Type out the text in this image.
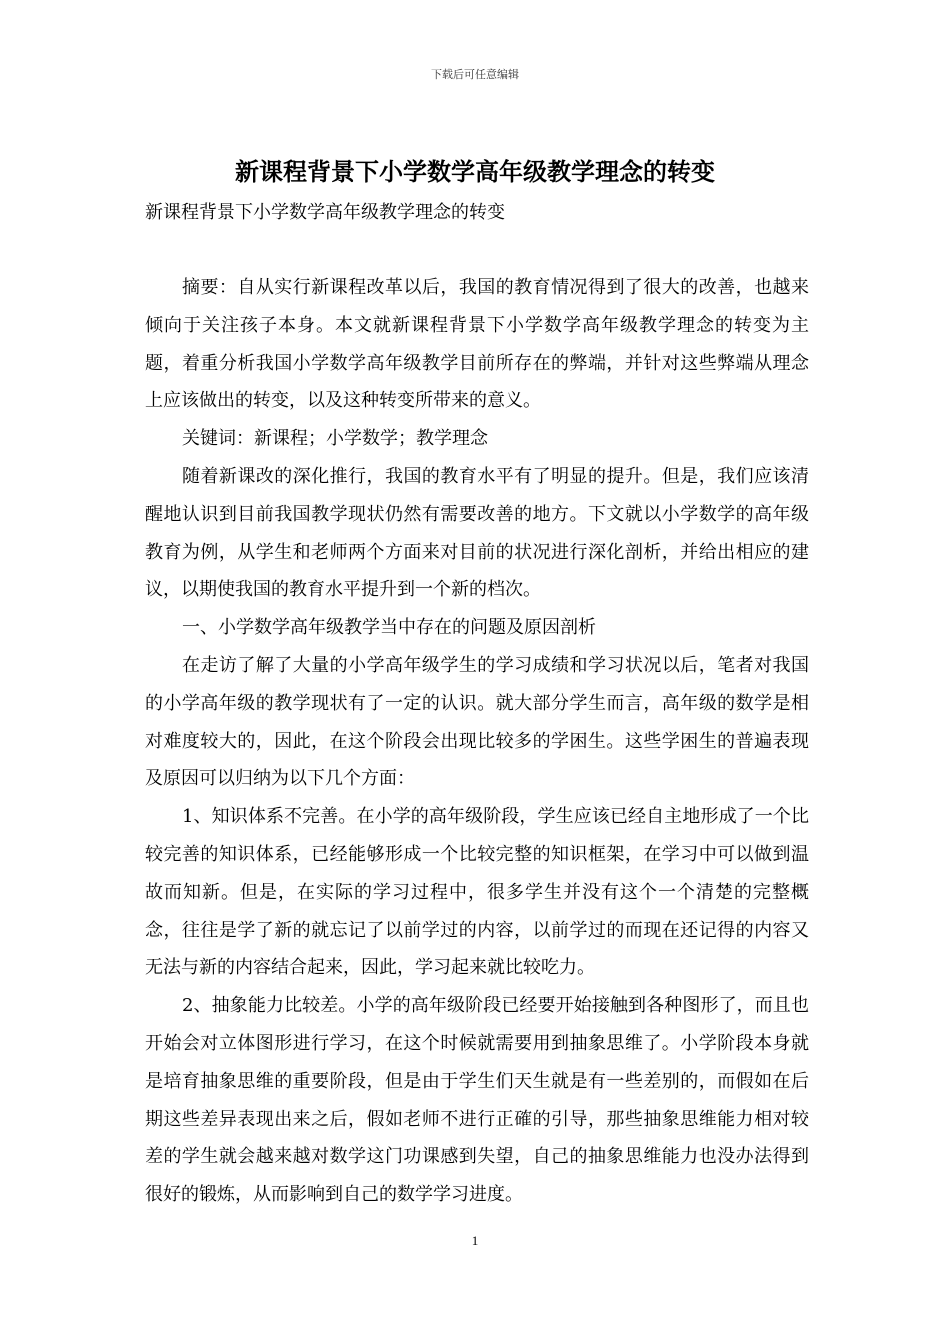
下载后可任意编辑
新课程背景下小学数学高年级教学理念的转变
新课程背景下小学数学高年级教学理念的转变

摘要：自从实行新课程改革以后，我国的教育情况得到了很大的改善，也越来倾向于关注孩子本身。本文就新课程背景下小学数学高年级教学理念的转变为主题，着重分析我国小学数学高年级教学目前所存在的弊端，并针对这些弊端从理念上应该做出的转变，以及这种转变所带来的意义。

关键词：新课程；小学数学；教学理念

随着新课改的深化推行，我国的教育水平有了明显的提升。但是，我们应该清醒地认识到目前我国教学现状仍然有需要改善的地方。下文就以小学数学的高年级教育为例，从学生和老师两个方面来对目前的状况进行深化剖析，并给出相应的建议，以期使我国的教育水平提升到一个新的档次。

一、小学数学高年级教学当中存在的问题及原因剖析

在走访了解了大量的小学高年级学生的学习成绩和学习状况以后，笔者对我国的小学高年级的教学现状有了一定的认识。就大部分学生而言，高年级的数学是相对难度较大的，因此，在这个阶段会出现比较多的学困生。这些学困生的普遍表现及原因可以归纳为以下几个方面：

1、知识体系不完善。在小学的高年级阶段，学生应该已经自主地形成了一个比较完善的知识体系，已经能够形成一个比较完整的知识框架，在学习中可以做到温故而知新。但是，在实际的学习过程中，很多学生并没有这个一个清楚的完整概念，往往是学了新的就忘记了以前学过的内容，以前学过的而现在还记得的内容又无法与新的内容结合起来，因此，学习起来就比较吃力。

2、抽象能力比较差。小学的高年级阶段已经要开始接触到各种图形了，而且也开始会对立体图形进行学习，在这个时候就需要用到抽象思维了。小学阶段本身就是培育抽象思维的重要阶段，但是由于学生们天生就是有一些差别的，而假如在后期这些差异表现出来之后，假如老师不进行正確的引导，那些抽象思维能力相对较差的学生就会越来越对数学这门功课感到失望，自己的抽象思维能力也没办法得到很好的锻炼，从而影响到自己的数学学习进度。

1
